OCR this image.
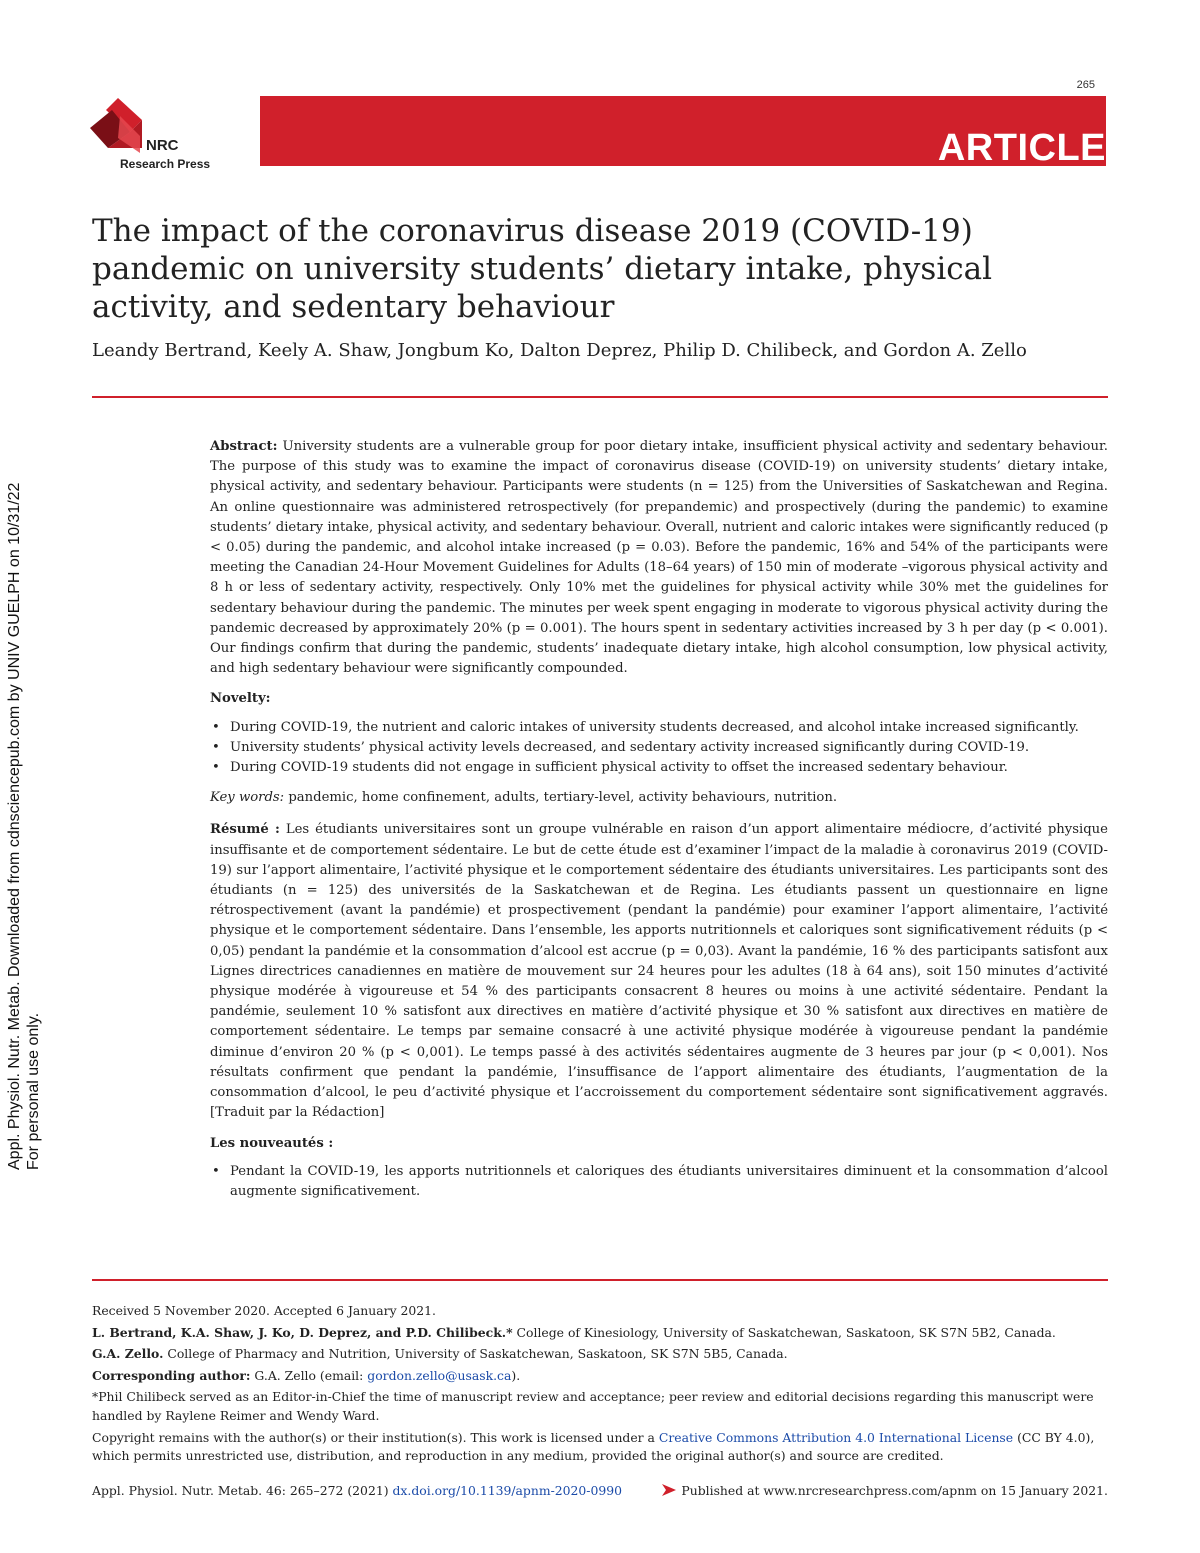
265
NRC
Research Press	ARTICLE
The impact of the coronavirus disease 2019 (COVID-19) pandemic on university students’ dietary intake, physical activity, and sedentary behaviour
Leandy Bertrand, Keely A. Shaw, Jongbum Ko, Dalton Deprez, Philip D. Chilibeck, and Gordon A. Zello

Abstract: University students are a vulnerable group for poor dietary intake, insufficient physical activity and sedentary behaviour. The purpose of this study was to examine the impact of coronavirus disease (COVID-19) on university students’ dietary intake, physical activity, and sedentary behaviour. Participants were students (n = 125) from the Universities of Saskatchewan and Regina. An online questionnaire was administered retrospectively (for prepandemic) and prospectively (during the pandemic) to examine students’ dietary intake, physical activity, and sedentary behaviour. Overall, nutrient and caloric intakes were significantly reduced (p < 0.05) during the pandemic, and alcohol intake increased (p = 0.03). Before the pandemic, 16% and 54% of the participants were meeting the Canadian 24-Hour Movement Guidelines for Adults (18–64 years) of 150 min of moderate –vigorous physical activity and 8 h or less of sedentary activity, respectively. Only 10% met the guidelines for physical activity while 30% met the guidelines for sedentary behaviour during the pandemic. The minutes per week spent engaging in moderate to vigorous physical activity during the pandemic decreased by approximately 20% (p = 0.001). The hours spent in sedentary activities increased by 3 h per day (p < 0.001). Our findings confirm that during the pandemic, students’ inadequate dietary intake, high alcohol consumption, low physical activity, and high sedentary behaviour were significantly compounded.

Novelty:
• During COVID-19, the nutrient and caloric intakes of university students decreased, and alcohol intake increased significantly.
• University students’ physical activity levels decreased, and sedentary activity increased significantly during COVID-19.
• During COVID-19 students did not engage in sufficient physical activity to offset the increased sedentary behaviour.

Key words: pandemic, home confinement, adults, tertiary-level, activity behaviours, nutrition.

Résumé : Les étudiants universitaires sont un groupe vulnérable en raison d’un apport alimentaire médiocre, d’activité physique insuffisante et de comportement sédentaire. Le but de cette étude est d’examiner l’impact de la maladie à coronavirus 2019 (COVID-19) sur l’apport alimentaire, l’activité physique et le comportement sédentaire des étudiants universitaires. Les participants sont des étudiants (n = 125) des universités de la Saskatchewan et de Regina. Les étudiants passent un questionnaire en ligne rétrospectivement (avant la pandémie) et prospectivement (pendant la pandémie) pour examiner l’apport alimentaire, l’activité physique et le comportement sédentaire. Dans l’ensemble, les apports nutritionnels et caloriques sont significativement réduits (p < 0,05) pendant la pandémie et la consommation d’alcool est accrue (p = 0,03). Avant la pandémie, 16 % des participants satisfont aux Lignes directrices canadiennes en matière de mouvement sur 24 heures pour les adultes (18 à 64 ans), soit 150 minutes d’activité physique modérée à vigoureuse et 54 % des participants consacrent 8 heures ou moins à une activité sédentaire. Pendant la pandémie, seulement 10 % satisfont aux directives en matière d’activité physique et 30 % satisfont aux directives en matière de comportement sédentaire. Le temps par semaine consacré à une activité physique modérée à vigoureuse pendant la pandémie diminue d’environ 20 % (p < 0,001). Le temps passé à des activités sédentaires augmente de 3 heures par jour (p < 0,001). Nos résultats confirment que pendant la pandémie, l’insuffisance de l’apport alimentaire des étudiants, l’augmentation de la consommation d’alcool, le peu d’activité physique et l’accroissement du comportement sédentaire sont significativement aggravés. [Traduit par la Rédaction]

Les nouveautés :
• Pendant la COVID-19, les apports nutritionnels et caloriques des étudiants universitaires diminuent et la consommation d’alcool augmente significativement.
Appl. Physiol. Nutr. Metab. Downloaded from cdnsciencepub.com by UNIV GUELPH on 10/31/22 For personal use only.

Received 5 November 2020. Accepted 6 January 2021.

L. Bertrand, K.A. Shaw, J. Ko, D. Deprez, and P.D. Chilibeck.* College of Kinesiology, University of Saskatchewan, Saskatoon, SK S7N 5B2, Canada.

G.A. Zello. College of Pharmacy and Nutrition, University of Saskatchewan, Saskatoon, SK S7N 5B5, Canada.

Corresponding author: G.A. Zello (email: gordon.zello@usask.ca).

*Phil Chilibeck served as an Editor-in-Chief the time of manuscript review and acceptance; peer review and editorial decisions regarding this manuscript were handled by Raylene Reimer and Wendy Ward.

Copyright remains with the author(s) or their institution(s). This work is licensed under a Creative Commons Attribution 4.0 International License (CC BY 4.0), which permits unrestricted use, distribution, and reproduction in any medium, provided the original author(s) and source are credited.

Appl. Physiol. Nutr. Metab. 46: 265–272 (2021) dx.doi.org/10.1139/apnm-2020-0990	Published at www.nrcresearchpress.com/apnm on 15 January 2021.
